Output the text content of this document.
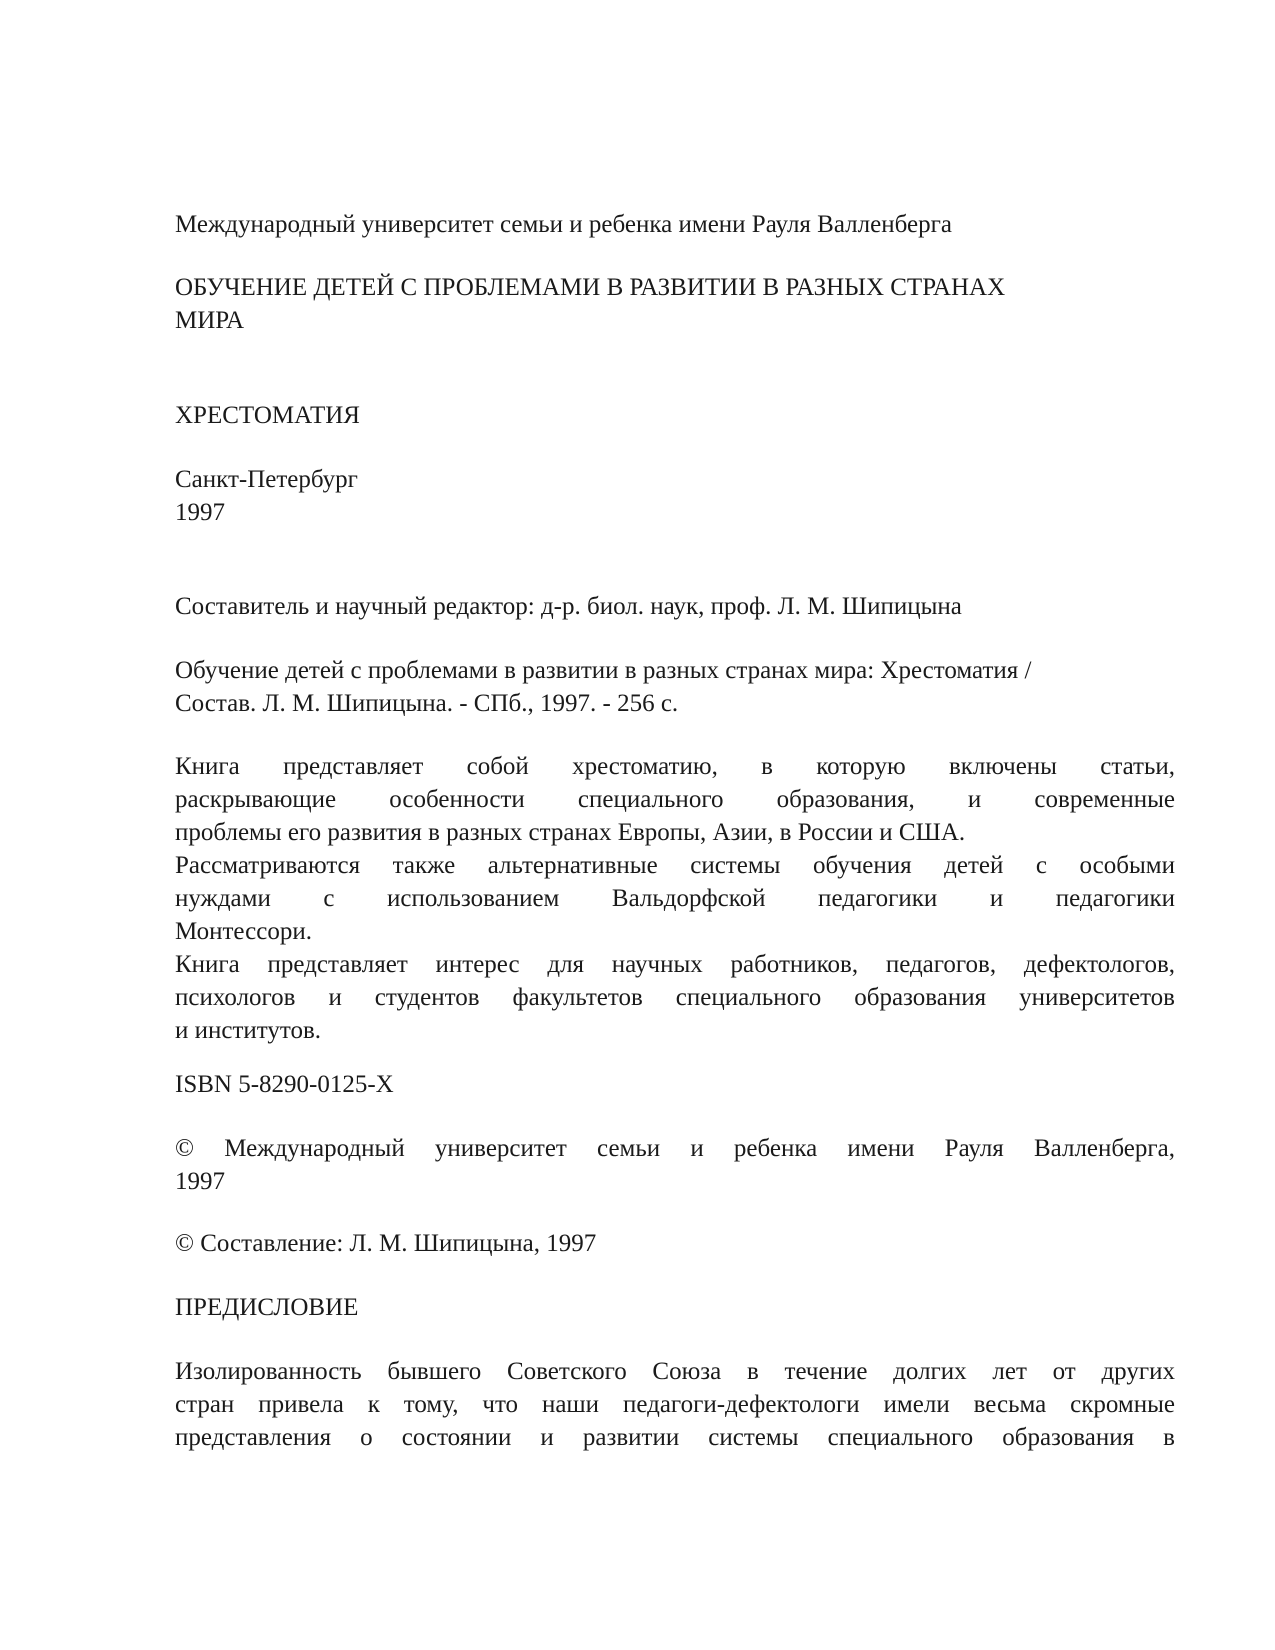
Международный университет семьи и ребенка имени Рауля Валленберга

ОБУЧЕНИЕ ДЕТЕЙ С ПРОБЛЕМАМИ В РАЗВИТИИ В РАЗНЫХ СТРАНАХ
МИРА

ХРЕСТОМАТИЯ

Санкт-Петербург
1997

Составитель и научный редактор: д-р. биол. наук, проф. Л. М. Шипицына

Обучение детей с проблемами в развитии в разных странах мира: Хрестоматия /
Состав. Л. М. Шипицына. - СПб., 1997. - 256 с.

Книга представляет собой хрестоматию, в которую включены статьи,
раскрывающие особенности специального образования, и современные
проблемы его развития в разных странах Европы, Азии, в России и США.
Рассматриваются также альтернативные системы обучения детей с особыми
нуждами с использованием Вальдорфской педагогики и педагогики
Монтессори.
Книга представляет интерес для научных работников, педагогов, дефектологов,
психологов и студентов факультетов специального образования университетов
и институтов.

ISBN 5-8290-0125-X

© Международный университет семьи и ребенка имени Рауля Валленберга,
1997

© Составление: Л. М. Шипицына, 1997

ПРЕДИСЛОВИЕ

Изолированность бывшего Советского Союза в течение долгих лет от других
стран привела к тому, что наши педагоги-дефектологи имели весьма скромные
представления о состоянии и развитии системы специального образования в
